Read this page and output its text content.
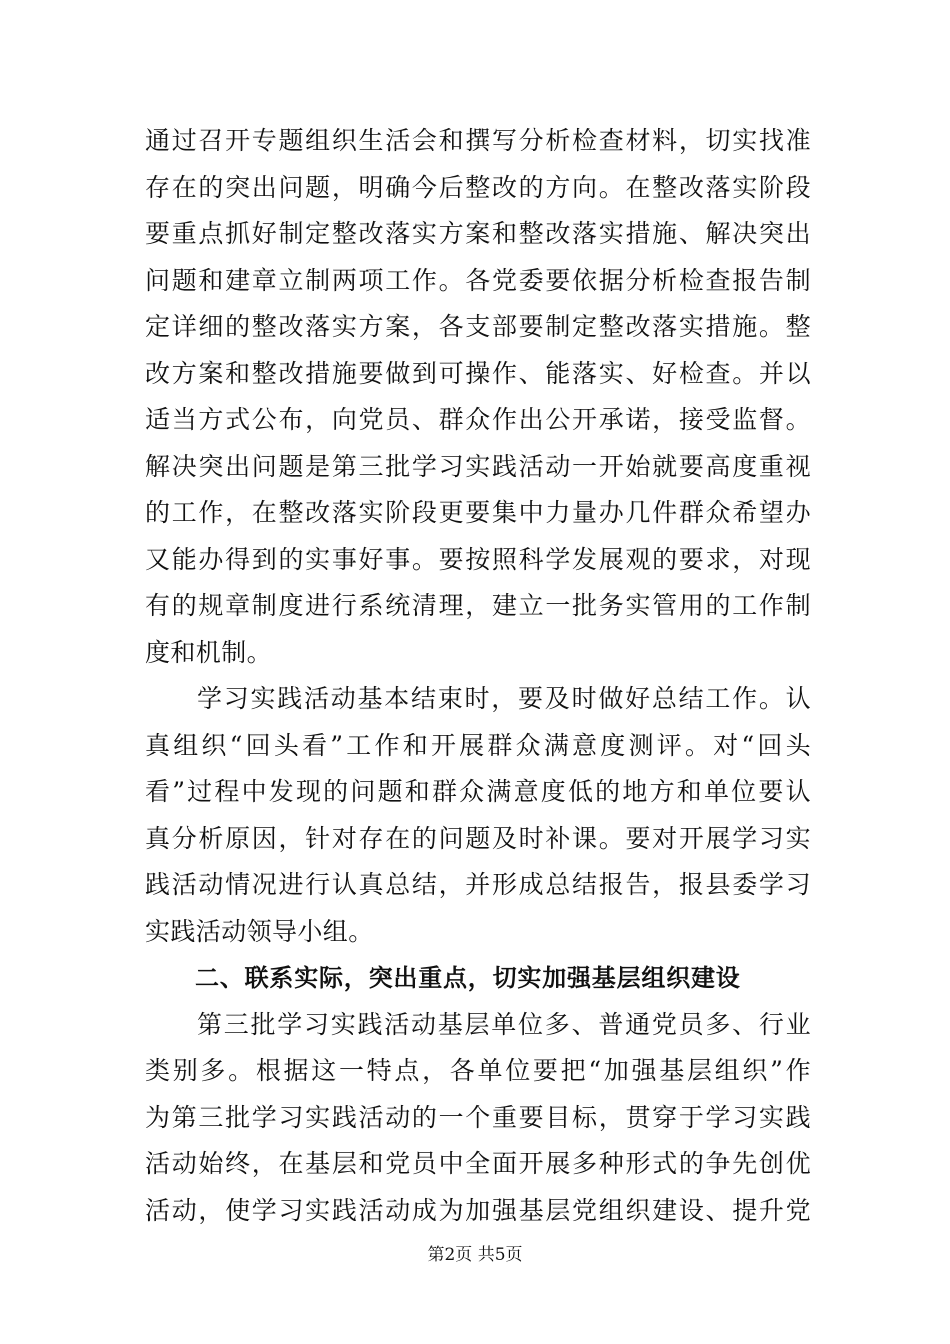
通过召开专题组织生活会和撰写分析检查材料，切实找准
存在的突出问题，明确今后整改的方向。在整改落实阶段
要重点抓好制定整改落实方案和整改落实措施、解决突出
问题和建章立制两项工作。各党委要依据分析检查报告制
定详细的整改落实方案，各支部要制定整改落实措施。整
改方案和整改措施要做到可操作、能落实、好检查。并以
适当方式公布，向党员、群众作出公开承诺，接受监督。
解决突出问题是第三批学习实践活动一开始就要高度重视
的工作，在整改落实阶段更要集中力量办几件群众希望办
又能办得到的实事好事。要按照科学发展观的要求，对现
有的规章制度进行系统清理，建立一批务实管用的工作制
度和机制。
学习实践活动基本结束时，要及时做好总结工作。认
真组织“回头看”工作和开展群众满意度测评。对“回头
看”过程中发现的问题和群众满意度低的地方和单位要认
真分析原因，针对存在的问题及时补课。要对开展学习实
践活动情况进行认真总结，并形成总结报告，报县委学习
实践活动领导小组。
二、联系实际，突出重点，切实加强基层组织建设
第三批学习实践活动基层单位多、普通党员多、行业
类别多。根据这一特点，各单位要把“加强基层组织”作
为第三批学习实践活动的一个重要目标，贯穿于学习实践
活动始终，在基层和党员中全面开展多种形式的争先创优
活动，使学习实践活动成为加强基层党组织建设、提升党
第2页 共5页
